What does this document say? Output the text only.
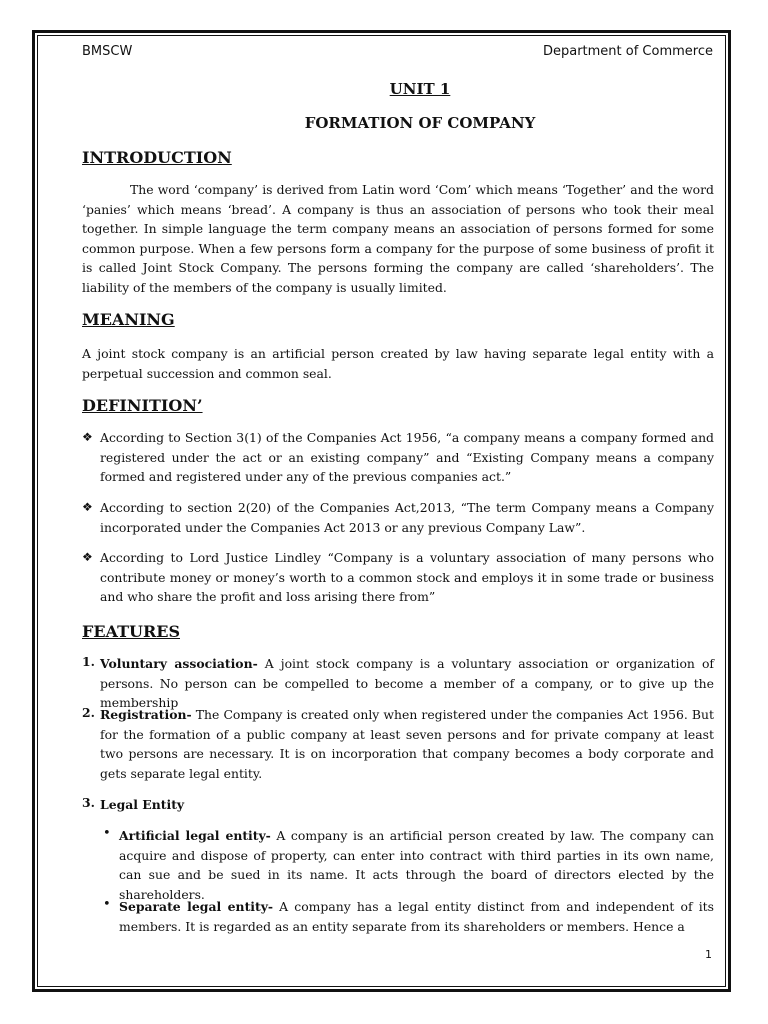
BMSCW	Department of Commerce
UNIT 1
FORMATION OF COMPANY
INTRODUCTION

The word ‘company’ is derived from Latin word ‘Com’ which means ‘Together’ and the word ‘panies’ which means ‘bread’. A company is thus an association of persons who took their meal together. In simple language the term company means an association of persons formed for some common purpose. When a few persons form a company for the purpose of some business of profit it is called Joint Stock Company. The persons forming the company are called ‘shareholders’. The liability of the members of the company is usually limited.

MEANING

A joint stock company is an artificial person created by law having separate legal entity with a perpetual succession and common seal.

DEFINITION’
❖ According to Section 3(1) of the Companies Act 1956, “a company means a company formed and registered under the act or an existing company” and “Existing Company means a company formed and registered under any of the previous companies act.”

❖ According to section 2(20) of the Companies Act,2013, “The term Company means a Company incorporated under the Companies Act 2013 or any previous Company Law”.

❖ According to Lord Justice Lindley “Company is a voluntary association of many persons who contribute money or money’s worth to a common stock and employs it in some trade or business and who share the profit and loss arising there from”

FEATURES
1. Voluntary association- A joint stock company is a voluntary association or organization of persons. No person can be compelled to become a member of a company, or to give up the membership

2. Registration- The Company is created only when registered under the companies Act 1956. But for the formation of a public company at least seven persons and for private company at least two persons are necessary. It is on incorporation that company becomes a body corporate and gets separate legal entity.

3. Legal Entity

• Artificial legal entity- A company is an artificial person created by law. The company can acquire and dispose of property, can enter into contract with third parties in its own name, can sue and be sued in its name. It acts through the board of directors elected by the shareholders.

• Separate legal entity- A company has a legal entity distinct from and independent of its members. It is regarded as an entity separate from its shareholders or members. Hence a

1
